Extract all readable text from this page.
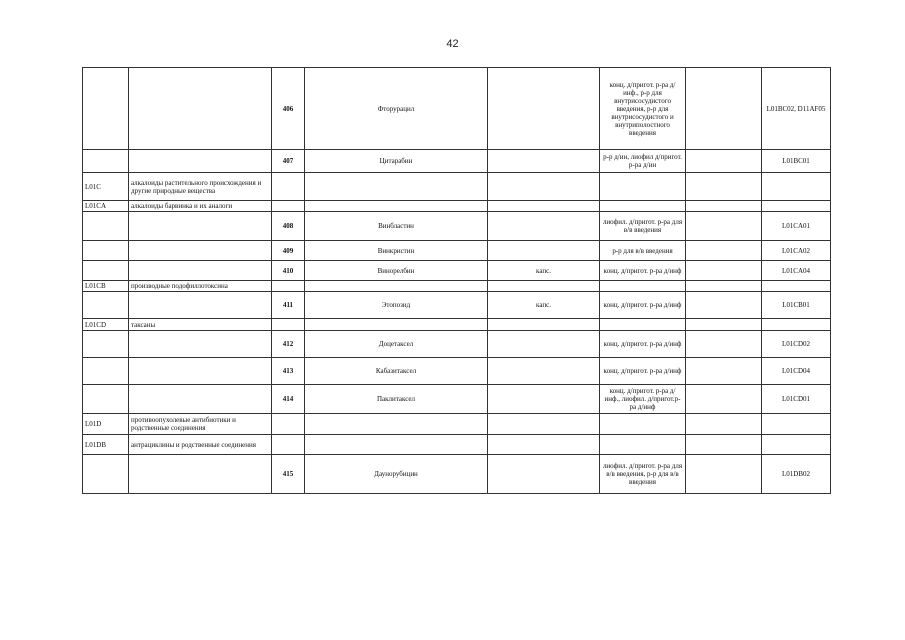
42
		406	Фторурацил		конц. д/пригот. р-ра д/инф., р-р для внутрисосудистого введения, р-р для внутрисосудистого и внутриполостного введения		L01BC02, D11AF05
		407	Цитарабин		р-р д/ин, лиофил д/пригот. р-ра д/ин		L01BC01
L01C	алкалоиды растительного происхождения и другие природные вещества						
L01CA	алкалоиды барвинка и их аналоги						
		408	Винбластин		лиофил. д/пригот. р-ра для в/в введения		L01CA01
		409	Винкристин		р-р для в/в введения		L01CA02
		410	Винорелбин	капс.	конц. д/пригот. р-ра д/инф		L01CA04
L01CB	производные подофиллотоксина						
		411	Этопозид	капс.	конц. д/пригот. р-ра д/инф		L01CB01
L01CD	таксаны						
		412	Доцетаксел		конц. д/пригот. р-ра д/инф		L01CD02
		413	Кабазитаксел		конц. д/пригот. р-ра д/инф		L01CD04
		414	Паклитаксел		конц. д/пригот. р-ра д/инф., лиофил. д/пригот.р-ра д/инф		L01CD01
L01D	противоопухолевые антибиотики и родственные соединения						
L01DB	антрациклины и родственные соединения						
		415	Даунорубицин		лиофил. д/пригот. р-ра для в/в введения, р-р для в/в введения		L01DB02
